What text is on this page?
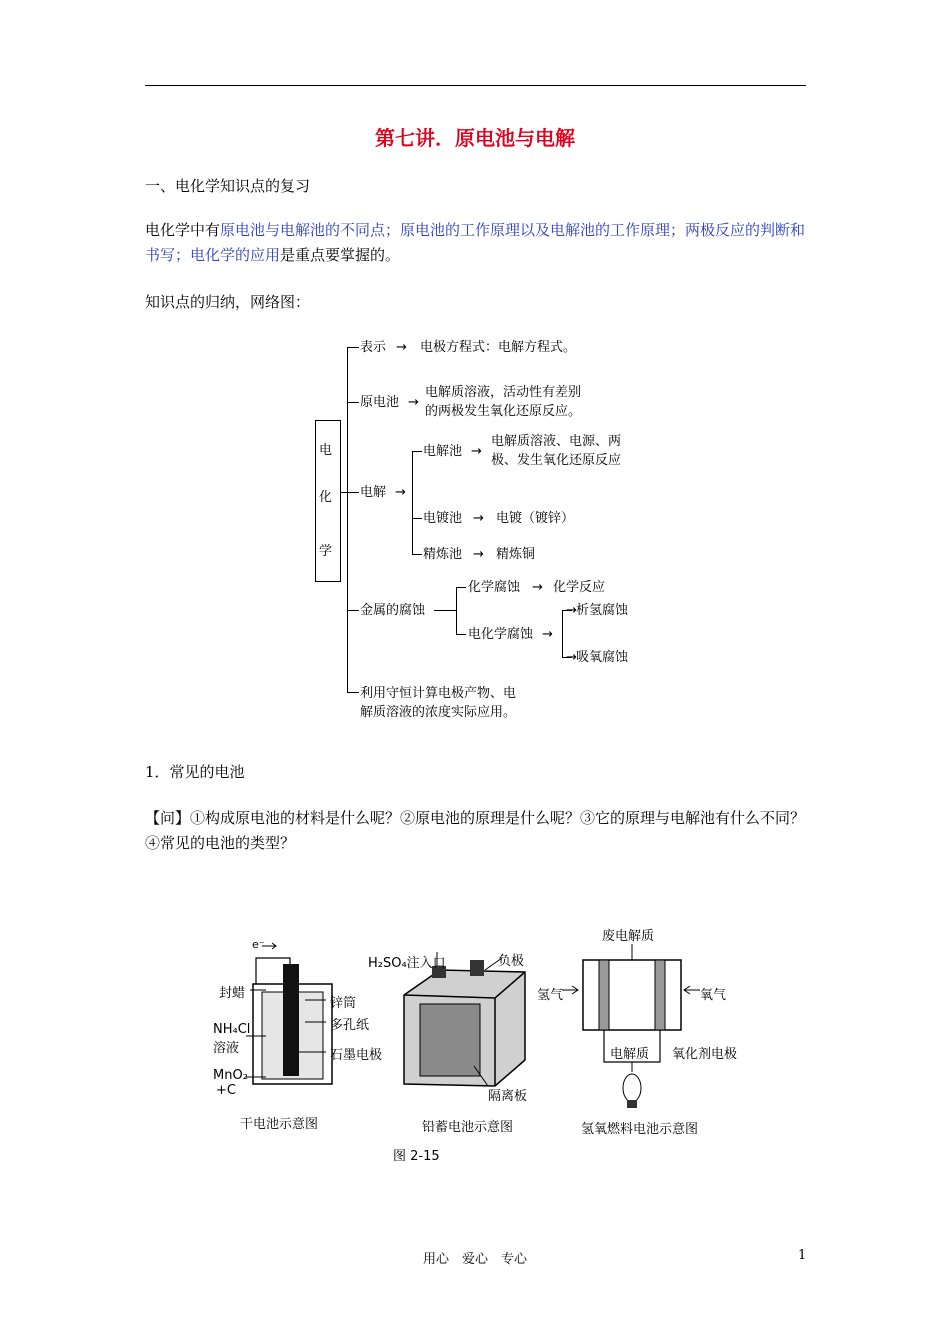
第七讲．原电池与电解
一、电化学知识点的复习
电化学中有原电池与电解池的不同点；原电池的工作原理以及电解池的工作原理；两极反应的判断和书写；电化学的应用是重点要掌握的。
知识点的归纳，网络图：
电
化
学
表示 → 电极方程式：电解方程式。
原电池 →
电解质溶液，活动性有差别
的两极发生氧化还原反应。
电解 →
电解池 →
电解质溶液、电源、两
极、发生氧化还原反应
电镀池 → 电镀（镀锌）
精炼池 → 精炼铜
金属的腐蚀
化学腐蚀 → 化学反应
电化学腐蚀 →
→ 析氢腐蚀
→ 吸氧腐蚀
利用守恒计算电极产物、电
解质溶液的浓度实际应用。
1．常见的电池
【问】①构成原电池的材料是什么呢？②原电池的原理是什么呢？③它的原理与电解池有什么不同？④常见的电池的类型？
e⁻
封蜡
NH₄Cl
溶液
MnO₂
+C
锌筒
多孔纸
石墨电极
干电池示意图
H₂SO₄注入口	负极
隔离板
铅蓄电池示意图
废电解质
氢气	氧气
电解质 氧化剂电极
氢氧燃料电池示意图
图 2-15
用心　爱心　专心	1
